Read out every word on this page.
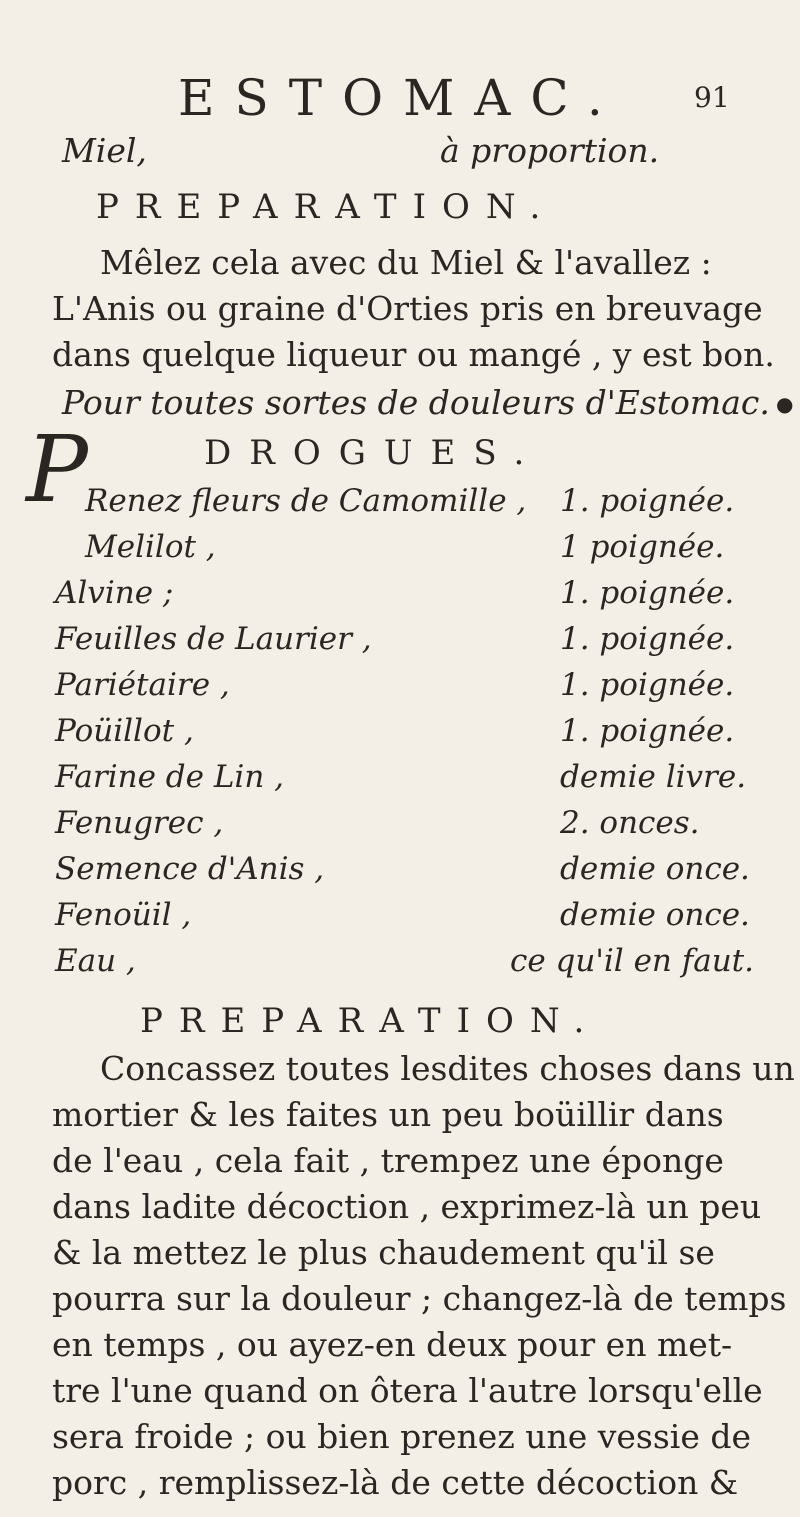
ESTOMAC.	91
Miel,	à proportion.
PREPARATION.
Mêlez cela avec du Miel & l'avallez :
L'Anis ou graine d'Orties pris en breuvage
dans quelque liqueur ou mangé , y est bon.
●
Pour toutes sortes de douleurs d'Estomac.
DROGUES.
P
Renez fleurs de Camomille , 1. poignée.
Melilot ,	1 poignée.
Alvine ;	1. poignée.
Feuilles de Laurier ,	1. poignée.
Pariétaire ,	1. poignée.
Poüillot ,	1. poignée.
Farine de Lin ,	demie livre.
Fenugrec ,	2. onces.
Semence d'Anis ,	demie once.
Fenoüil ,	demie once.
Eau ,	ce qu'il en faut.
PREPARATION.
Concassez toutes lesdites choses dans un
mortier & les faites un peu boüillir dans
de l'eau , cela fait , trempez une éponge
dans ladite décoction , exprimez-là un peu
& la mettez le plus chaudement qu'il se
pourra sur la douleur ; changez-là de temps
en temps , ou ayez-en deux pour en met-
tre l'une quand on ôtera l'autre lorsqu'elle
sera froide ; ou bien prenez une vessie de
porc , remplissez-là de cette décoction &
